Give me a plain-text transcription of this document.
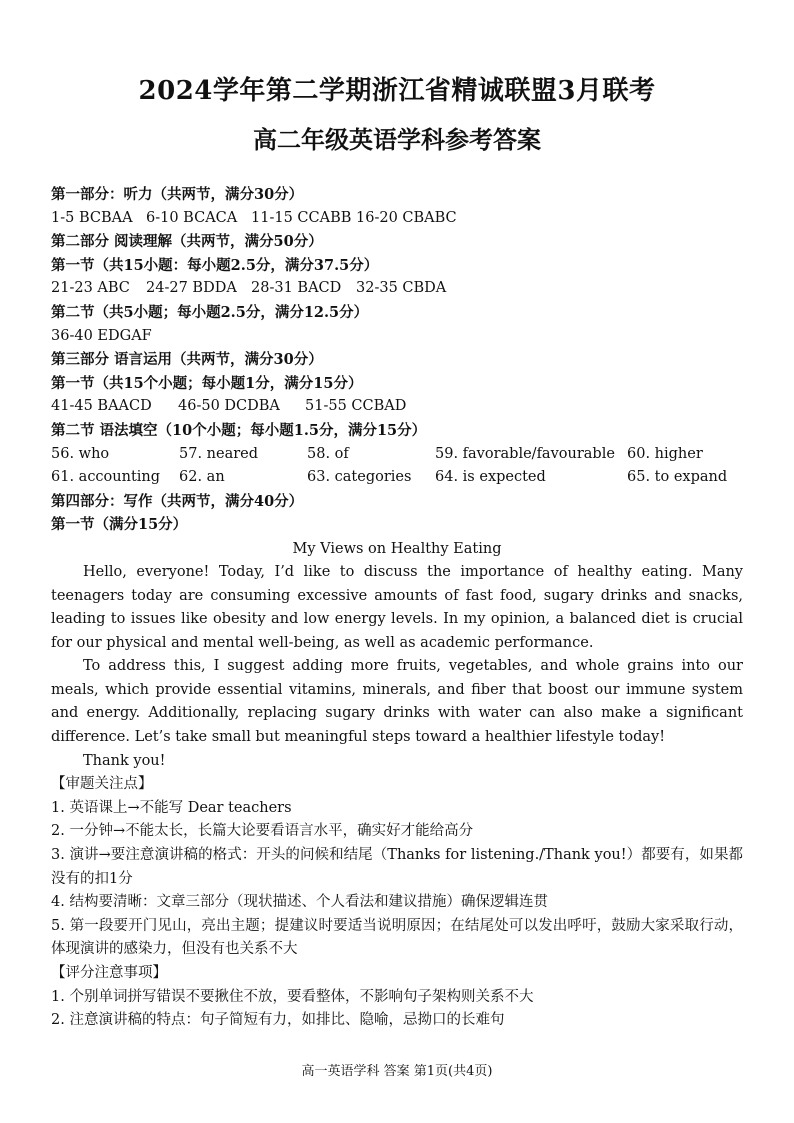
2024学年第二学期浙江省精诚联盟3月联考
高二年级英语学科参考答案
第一部分：听力（共两节，满分30分）
1-5 BCBAA 6-10 BCACA 11-15 CCABB 16-20 CBABC
第二部分 阅读理解（共两节，满分50分）
第一节（共15小题：每小题2.5分，满分37.5分）
21-23 ABC 24-27 BDDA 28-31 BACD 32-35 CBDA
第二节（共5小题；每小题2.5分，满分12.5分）
36-40 EDGAF
第三部分 语言运用（共两节，满分30分）
第一节（共15个小题；每小题1分，满分15分）
41-45 BAACD 46-50 DCDBA 51-55 CCBAD
第二节 语法填空（10个小题；每小题1.5分，满分15分）
56. who	57. neared	58. of	59. favorable/favourable 60. higher
61. accounting	62. an	63. categories	64. is expected	65. to expand
第四部分：写作（共两节，满分40分）
第一节（满分15分）
My Views on Healthy Eating

Hello, everyone! Today, I’d like to discuss the importance of healthy eating. Many teenagers today are consuming excessive amounts of fast food, sugary drinks and snacks, leading to issues like obesity and low energy levels. In my opinion, a balanced diet is crucial for our physical and mental well-being, as well as academic performance.

To address this, I suggest adding more fruits, vegetables, and whole grains into our meals, which provide essential vitamins, minerals, and fiber that boost our immune system and energy. Additionally, replacing sugary drinks with water can also make a significant difference. Let’s take small but meaningful steps toward a healthier lifestyle today!

Thank you!

【审题关注点】

1. 英语课上→不能写 Dear teachers

2. 一分钟→不能太长，长篇大论要看语言水平，确实好才能给高分

3. 演讲→要注意演讲稿的格式：开头的问候和结尾（Thanks for listening./Thank you!）都要有，如果都没有的扣1分

4. 结构要清晰：文章三部分（现状描述、个人看法和建议措施）确保逻辑连贯

5. 第一段要开门见山，亮出主题；提建议时要适当说明原因；在结尾处可以发出呼吁，鼓励大家采取行动，体现演讲的感染力，但没有也关系不大

【评分注意事项】

1. 个别单词拼写错误不要揪住不放，要看整体，不影响句子架构则关系不大

2. 注意演讲稿的特点：句子简短有力，如排比、隐喻，忌拗口的长难句

高一英语学科 答案 第1页(共4页)
